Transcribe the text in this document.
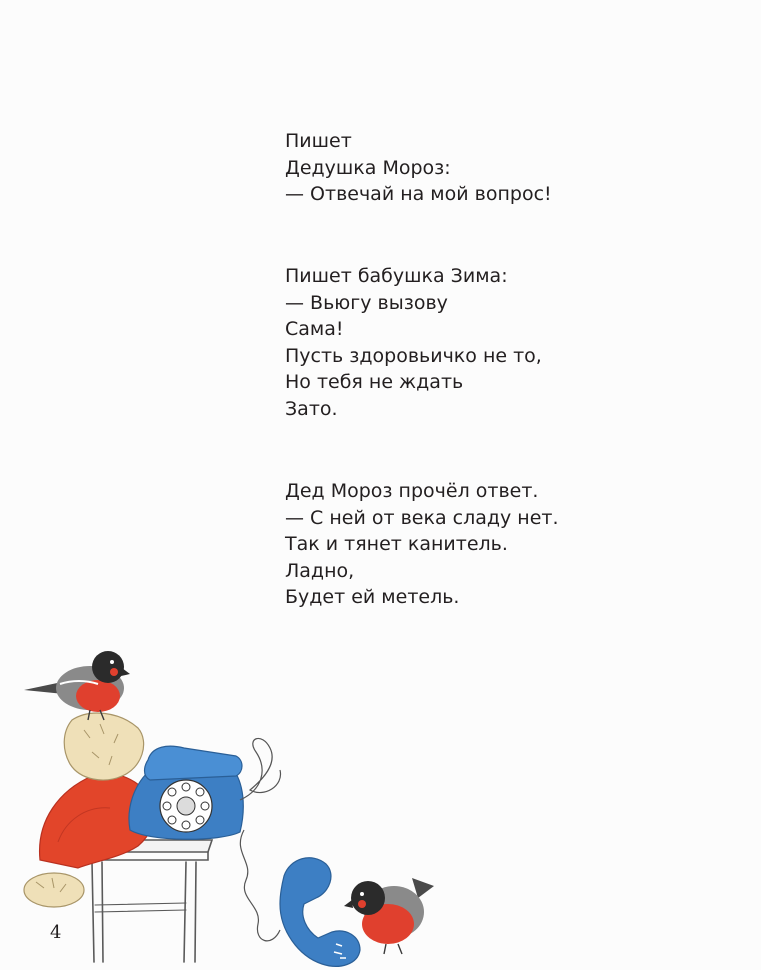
Пишет
Дедушка Мороз:
— Отвечай на мой вопрос!

Пишет бабушка Зима:
— Вьюгу вызову
Сама!
Пусть здоровьичко не то,
Но тебя не ждать
Зато.

Дед Мороз прочёл ответ.
— С ней от века сладу нет.
Так и тянет канитель.
Ладно,
Будет ей метель.

4
